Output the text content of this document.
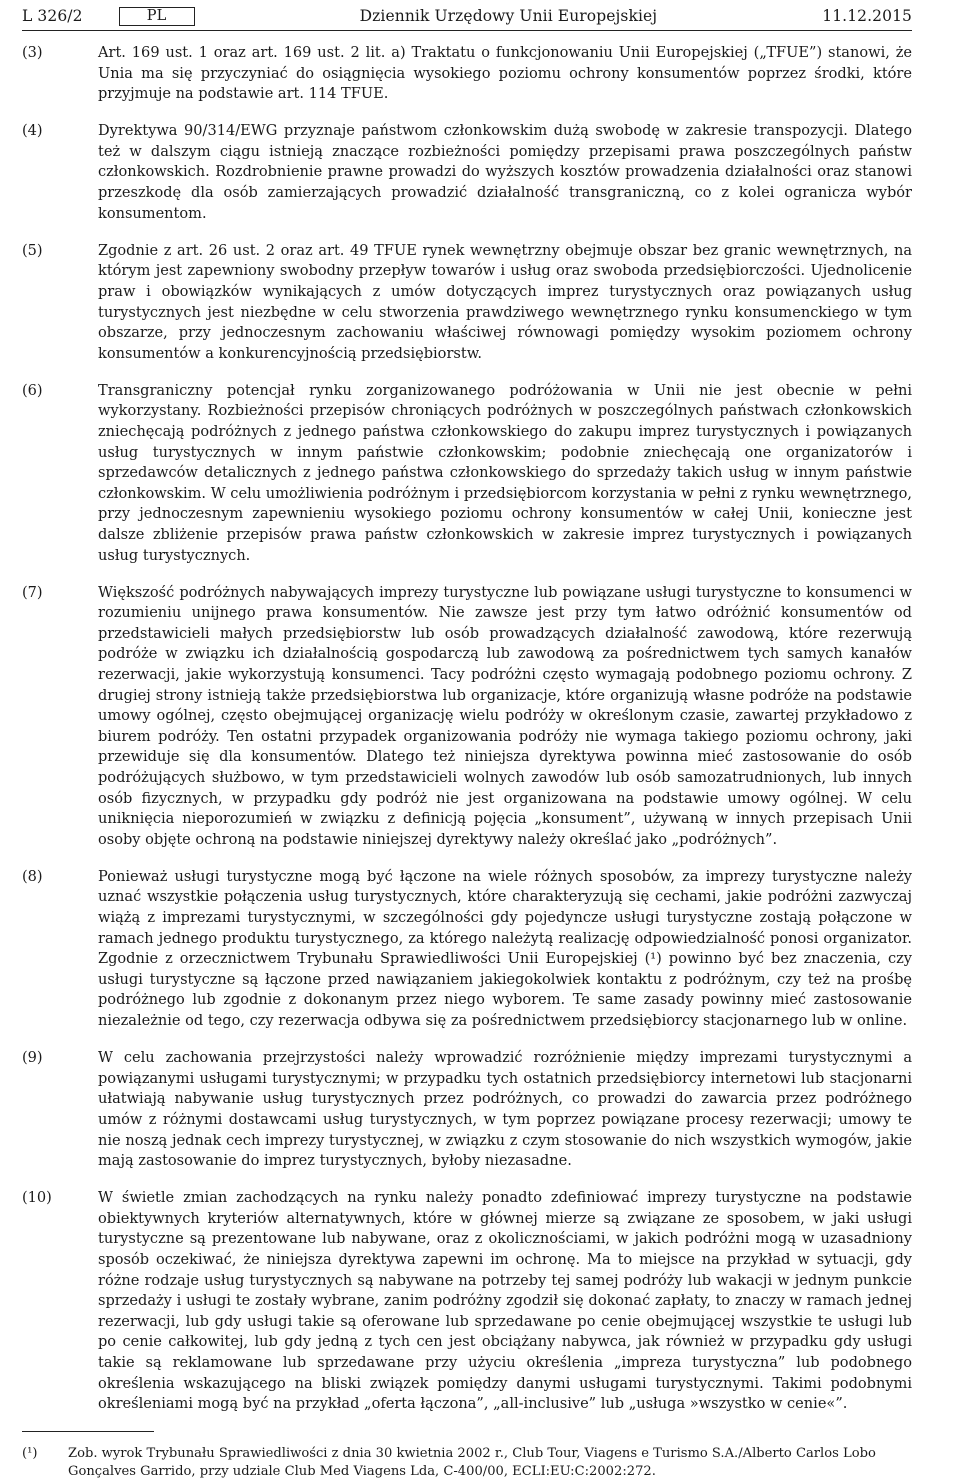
L 326/2	PL	Dziennik Urzędowy Unii Europejskiej	11.12.2015
(3)	Art. 169 ust. 1 oraz art. 169 ust. 2 lit. a) Traktatu o funkcjonowaniu Unii Europejskiej („TFUE”) stanowi, że Unia ma się przyczyniać do osiągnięcia wysokiego poziomu ochrony konsumentów poprzez środki, które przyjmuje na podstawie art. 114 TFUE.
(4)	Dyrektywa 90/314/EWG przyznaje państwom członkowskim dużą swobodę w zakresie transpozycji. Dlatego też w dalszym ciągu istnieją znaczące rozbieżności pomiędzy przepisami prawa poszczególnych państw członkowskich. Rozdrobnienie prawne prowadzi do wyższych kosztów prowadzenia działalności oraz stanowi przeszkodę dla osób zamierzających prowadzić działalność transgraniczną, co z kolei ogranicza wybór konsumentom.
(5)	Zgodnie z art. 26 ust. 2 oraz art. 49 TFUE rynek wewnętrzny obejmuje obszar bez granic wewnętrznych, na którym jest zapewniony swobodny przepływ towarów i usług oraz swoboda przedsiębiorczości. Ujednolicenie praw i obowiązków wynikających z umów dotyczących imprez turystycznych oraz powiązanych usług turystycznych jest niezbędne w celu stworzenia prawdziwego wewnętrznego rynku konsumenckiego w tym obszarze, przy jednoczesnym zachowaniu właściwej równowagi pomiędzy wysokim poziomem ochrony konsumentów a konkurencyjnością przedsiębiorstw.
(6)	Transgraniczny potencjał rynku zorganizowanego podróżowania w Unii nie jest obecnie w pełni wykorzystany. Rozbieżności przepisów chroniących podróżnych w poszczególnych państwach członkowskich zniechęcają podróżnych z jednego państwa członkowskiego do zakupu imprez turystycznych i powiązanych usług turystycznych w innym państwie członkowskim; podobnie zniechęcają one organizatorów i sprzedawców detalicznych z jednego państwa członkowskiego do sprzedaży takich usług w innym państwie członkowskim. W celu umożliwienia podróżnym i przedsiębiorcom korzystania w pełni z rynku wewnętrznego, przy jednoczesnym zapewnieniu wysokiego poziomu ochrony konsumentów w całej Unii, konieczne jest dalsze zbliżenie przepisów prawa państw członkowskich w zakresie imprez turystycznych i powiązanych usług turystycznych.
(7)	Większość podróżnych nabywających imprezy turystyczne lub powiązane usługi turystyczne to konsumenci w rozumieniu unijnego prawa konsumentów. Nie zawsze jest przy tym łatwo odróżnić konsumentów od przedstawicieli małych przedsiębiorstw lub osób prowadzących działalność zawodową, które rezerwują podróże w związku ich działalnością gospodarczą lub zawodową za pośrednictwem tych samych kanałów rezerwacji, jakie wykorzystują konsumenci. Tacy podróżni często wymagają podobnego poziomu ochrony. Z drugiej strony istnieją także przedsiębiorstwa lub organizacje, które organizują własne podróże na podstawie umowy ogólnej, często obejmującej organizację wielu podróży w określonym czasie, zawartej przykładowo z biurem podróży. Ten ostatni przypadek organizowania podróży nie wymaga takiego poziomu ochrony, jaki przewiduje się dla konsumentów. Dlatego też niniejsza dyrektywa powinna mieć zastosowanie do osób podróżujących służbowo, w tym przedstawicieli wolnych zawodów lub osób samozatrudnionych, lub innych osób fizycznych, w przypadku gdy podróż nie jest organizowana na podstawie umowy ogólnej. W celu uniknięcia nieporozumień w związku z definicją pojęcia „konsument”, używaną w innych przepisach Unii osoby objęte ochroną na podstawie niniejszej dyrektywy należy określać jako „podróżnych”.
(8)	Ponieważ usługi turystyczne mogą być łączone na wiele różnych sposobów, za imprezy turystyczne należy uznać wszystkie połączenia usług turystycznych, które charakteryzują się cechami, jakie podróżni zazwyczaj wiążą z imprezami turystycznymi, w szczególności gdy pojedyncze usługi turystyczne zostają połączone w ramach jednego produktu turystycznego, za którego należytą realizację odpowiedzialność ponosi organizator. Zgodnie z orzecznictwem Trybunału Sprawiedliwości Unii Europejskiej (¹) powinno być bez znaczenia, czy usługi turystyczne są łączone przed nawiązaniem jakiegokolwiek kontaktu z podróżnym, czy też na prośbę podróżnego lub zgodnie z dokonanym przez niego wyborem. Te same zasady powinny mieć zastosowanie niezależnie od tego, czy rezerwacja odbywa się za pośrednictwem przedsiębiorcy stacjonarnego lub w online.
(9)	W celu zachowania przejrzystości należy wprowadzić rozróżnienie między imprezami turystycznymi a powiązanymi usługami turystycznymi; w przypadku tych ostatnich przedsiębiorcy internetowi lub stacjonarni ułatwiają nabywanie usług turystycznych przez podróżnych, co prowadzi do zawarcia przez podróżnego umów z różnymi dostawcami usług turystycznych, w tym poprzez powiązane procesy rezerwacji; umowy te nie noszą jednak cech imprezy turystycznej, w związku z czym stosowanie do nich wszystkich wymogów, jakie mają zastosowanie do imprez turystycznych, byłoby niezasadne.
(10)	W świetle zmian zachodzących na rynku należy ponadto zdefiniować imprezy turystyczne na podstawie obiektywnych kryteriów alternatywnych, które w głównej mierze są związane ze sposobem, w jaki usługi turystyczne są prezentowane lub nabywane, oraz z okolicznościami, w jakich podróżni mogą w uzasadniony sposób oczekiwać, że niniejsza dyrektywa zapewni im ochronę. Ma to miejsce na przykład w sytuacji, gdy różne rodzaje usług turystycznych są nabywane na potrzeby tej samej podróży lub wakacji w jednym punkcie sprzedaży i usługi te zostały wybrane, zanim podróżny zgodził się dokonać zapłaty, to znaczy w ramach jednej rezerwacji, lub gdy usługi takie są oferowane lub sprzedawane po cenie obejmującej wszystkie te usługi lub po cenie całkowitej, lub gdy jedną z tych cen jest obciążany nabywca, jak również w przypadku gdy usługi takie są reklamowane lub sprzedawane przy użyciu określenia „impreza turystyczna” lub podobnego określenia wskazującego na bliski związek pomiędzy danymi usługami turystycznymi. Takimi podobnymi określeniami mogą być na przykład „oferta łączona”, „all-inclusive” lub „usługa »wszystko w cenie«”.
(¹)	Zob. wyrok Trybunału Sprawiedliwości z dnia 30 kwietnia 2002 r., Club Tour, Viagens e Turismo S.A./Alberto Carlos Lobo Gonçalves Garrido, przy udziale Club Med Viagens Lda, C-400/00, ECLI:EU:C:2002:272.
